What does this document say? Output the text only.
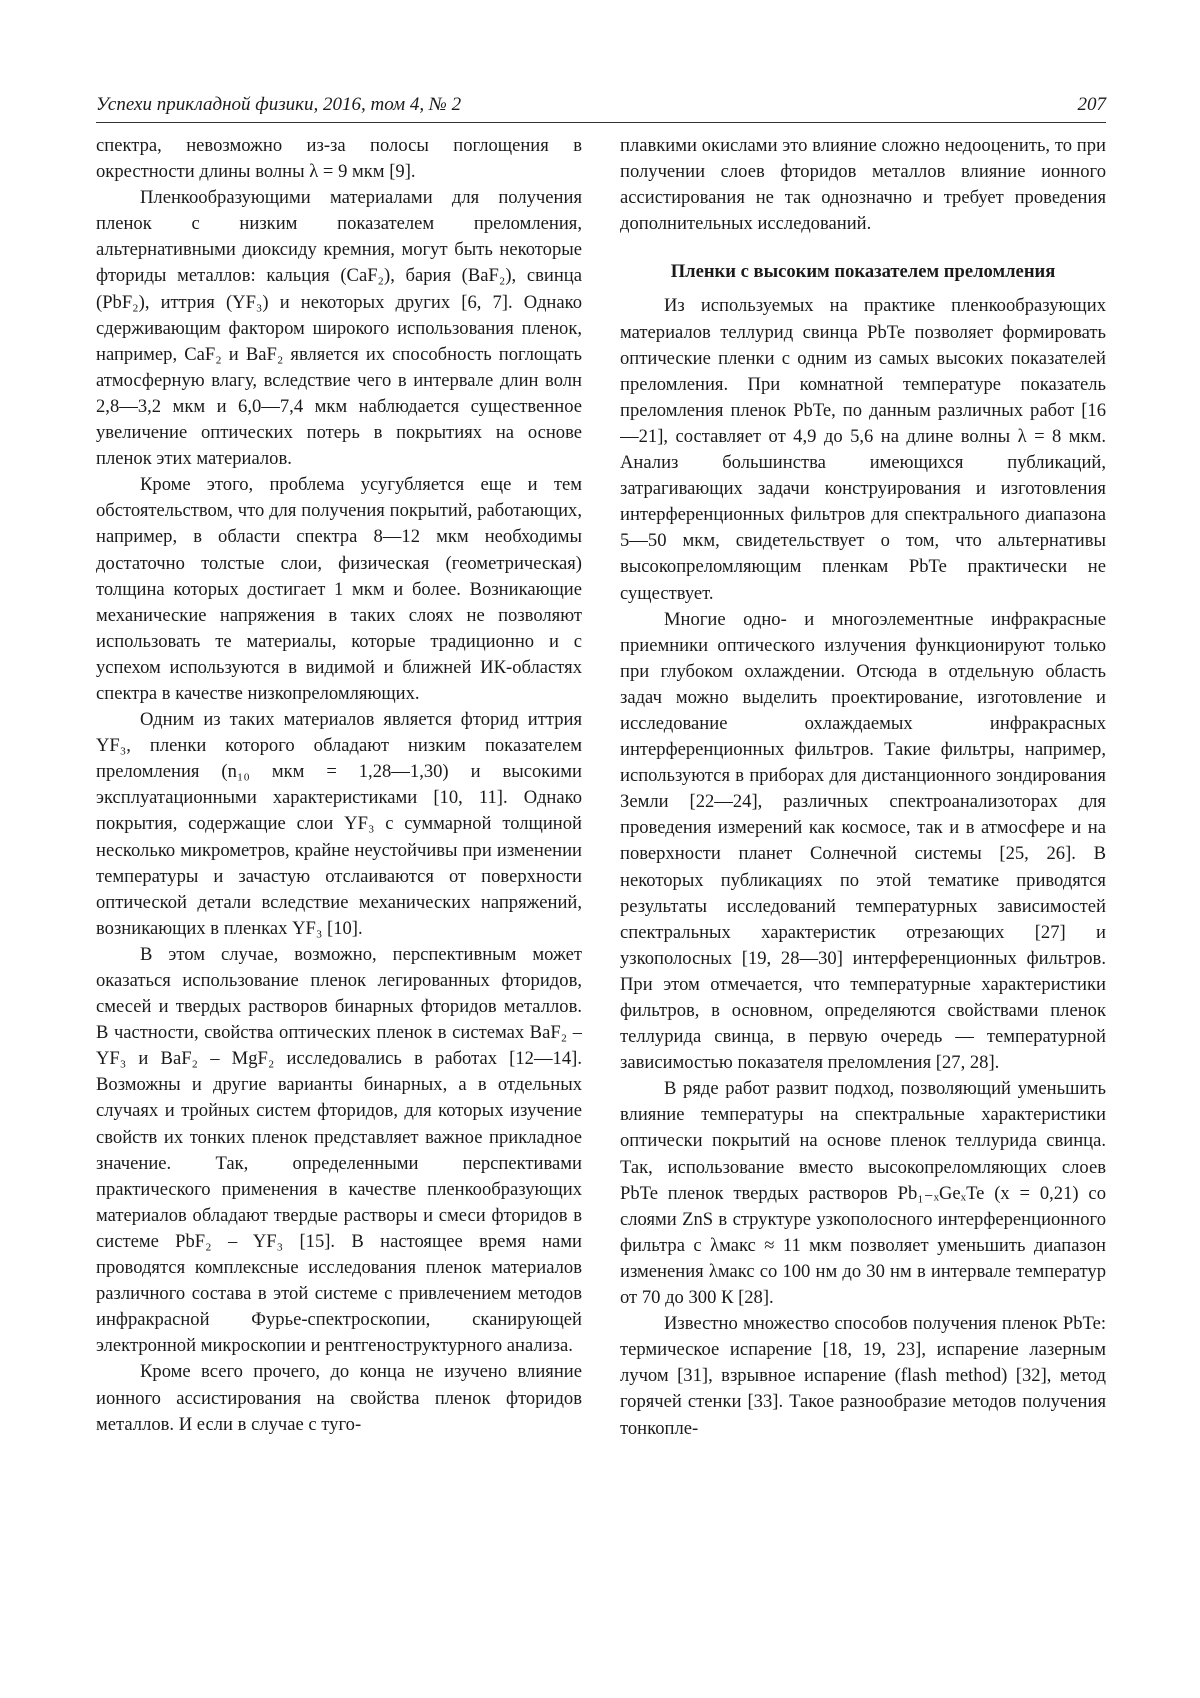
Успехи прикладной физики, 2016, том 4, № 2	207

спектра, невозможно из-за полосы поглощения в окрестности длины волны λ = 9 мкм [9].

Пленкообразующими материалами для получения пленок с низким показателем преломления, альтернативными диоксиду кремния, могут быть некоторые фториды металлов: кальция (CaF₂), бария (BaF₂), свинца (PbF₂), иттрия (YF₃) и некоторых других [6, 7]. Однако сдерживающим фактором широкого использования пленок, например, CaF₂ и BaF₂ является их способность поглощать атмосферную влагу, вследствие чего в интервале длин волн 2,8—3,2 мкм и 6,0—7,4 мкм наблюдается существенное увеличение оптических потерь в покрытиях на основе пленок этих материалов.

Кроме этого, проблема усугубляется еще и тем обстоятельством, что для получения покрытий, работающих, например, в области спектра 8—12 мкм необходимы достаточно толстые слои, физическая (геометрическая) толщина которых достигает 1 мкм и более. Возникающие механические напряжения в таких слоях не позволяют использовать те материалы, которые традиционно и с успехом используются в видимой и ближней ИК-областях спектра в качестве низкопреломляющих.

Одним из таких материалов является фторид иттрия YF₃, пленки которого обладают низким показателем преломления (n₁₀ мкм = 1,28—1,30) и высокими эксплуатационными характеристиками [10, 11]. Однако покрытия, содержащие слои YF₃ с суммарной толщиной несколько микрометров, крайне неустойчивы при изменении температуры и зачастую отслаиваются от поверхности оптической детали вследствие механических напряжений, возникающих в пленках YF₃ [10].

В этом случае, возможно, перспективным может оказаться использование пленок легированных фторидов, смесей и твердых растворов бинарных фторидов металлов. В частности, свойства оптических пленок в системах BaF₂ – YF₃ и BaF₂ – MgF₂ исследовались в работах [12—14]. Возможны и другие варианты бинарных, а в отдельных случаях и тройных систем фторидов, для которых изучение свойств их тонких пленок представляет важное прикладное значение. Так, определенными перспективами практического применения в качестве пленкообразующих материалов обладают твердые растворы и смеси фторидов в системе PbF₂ – YF₃ [15]. В настоящее время нами проводятся комплексные исследования пленок материалов различного состава в этой системе с привлечением методов инфракрасной Фурье-спектроскопии, сканирующей электронной микроскопии и рентгеноструктурного анализа.

Кроме всего прочего, до конца не изучено влияние ионного ассистирования на свойства пленок фторидов металлов. И если в случае с туго-

плавкими окислами это влияние сложно недооценить, то при получении слоев фторидов металлов влияние ионного ассистирования не так однозначно и требует проведения дополнительных исследований.

Пленки с высоким показателем преломления

Из используемых на практике пленкообразующих материалов теллурид свинца PbTe позволяет формировать оптические пленки с одним из самых высоких показателей преломления. При комнатной температуре показатель преломления пленок PbTe, по данным различных работ [16—21], составляет от 4,9 до 5,6 на длине волны λ = 8 мкм. Анализ большинства имеющихся публикаций, затрагивающих задачи конструирования и изготовления интерференционных фильтров для спектрального диапазона 5—50 мкм, свидетельствует о том, что альтернативы высокопреломляющим пленкам PbTe практически не существует.

Многие одно- и многоэлементные инфракрасные приемники оптического излучения функционируют только при глубоком охлаждении. Отсюда в отдельную область задач можно выделить проектирование, изготовление и исследование охлаждаемых инфракрасных интерференционных фильтров. Такие фильтры, например, используются в приборах для дистанционного зондирования Земли [22—24], различных спектроанализоторах для проведения измерений как космосе, так и в атмосфере и на поверхности планет Солнечной системы [25, 26]. В некоторых публикациях по этой тематике приводятся результаты исследований температурных зависимостей спектральных характеристик отрезающих [27] и узкополосных [19, 28—30] интерференционных фильтров. При этом отмечается, что температурные характеристики фильтров, в основном, определяются свойствами пленок теллурида свинца, в первую очередь — температурной зависимостью показателя преломления [27, 28].

В ряде работ развит подход, позволяющий уменьшить влияние температуры на спектральные характеристики оптически покрытий на основе пленок теллурида свинца. Так, использование вместо высокопреломляющих слоев PbTe пленок твердых растворов Pb₁₋ₓGeₓTe (x = 0,21) со слоями ZnS в структуре узкополосного интерференционного фильтра с λмакс ≈ 11 мкм позволяет уменьшить диапазон изменения λмакс со 100 нм до 30 нм в интервале температур от 70 до 300 К [28].

Известно множество способов получения пленок PbTe: термическое испарение [18, 19, 23], испарение лазерным лучом [31], взрывное испарение (flash method) [32], метод горячей стенки [33]. Такое разнообразие методов получения тонкопле-
